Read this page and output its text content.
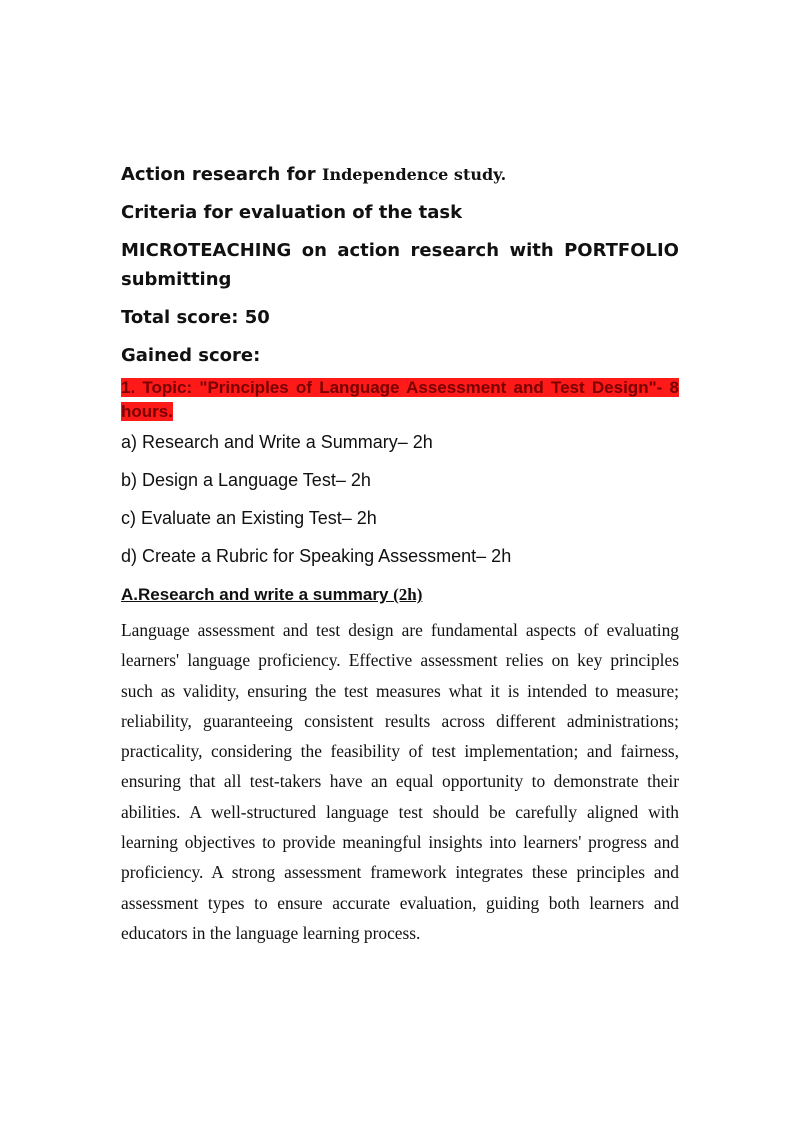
Action research for Independence study.

Criteria for evaluation of the task

MICROTEACHING on action research with PORTFOLIO submitting

Total score: 50

Gained score:

1. Topic: "Principles of Language Assessment and Test Design"- 8 hours.

a) Research and Write a Summary– 2h

b) Design a Language Test– 2h

c) Evaluate an Existing Test– 2h

d) Create a Rubric for Speaking Assessment– 2h

A.Research and write a summary (2h)

Language assessment and test design are fundamental aspects of evaluating learners' language proficiency. Effective assessment relies on key principles such as validity, ensuring the test measures what it is intended to measure; reliability, guaranteeing consistent results across different administrations; practicality, considering the feasibility of test implementation; and fairness, ensuring that all test-takers have an equal opportunity to demonstrate their abilities. A well-structured language test should be carefully aligned with learning objectives to provide meaningful insights into learners' progress and proficiency. A strong assessment framework integrates these principles and assessment types to ensure accurate evaluation, guiding both learners and educators in the language learning process.
